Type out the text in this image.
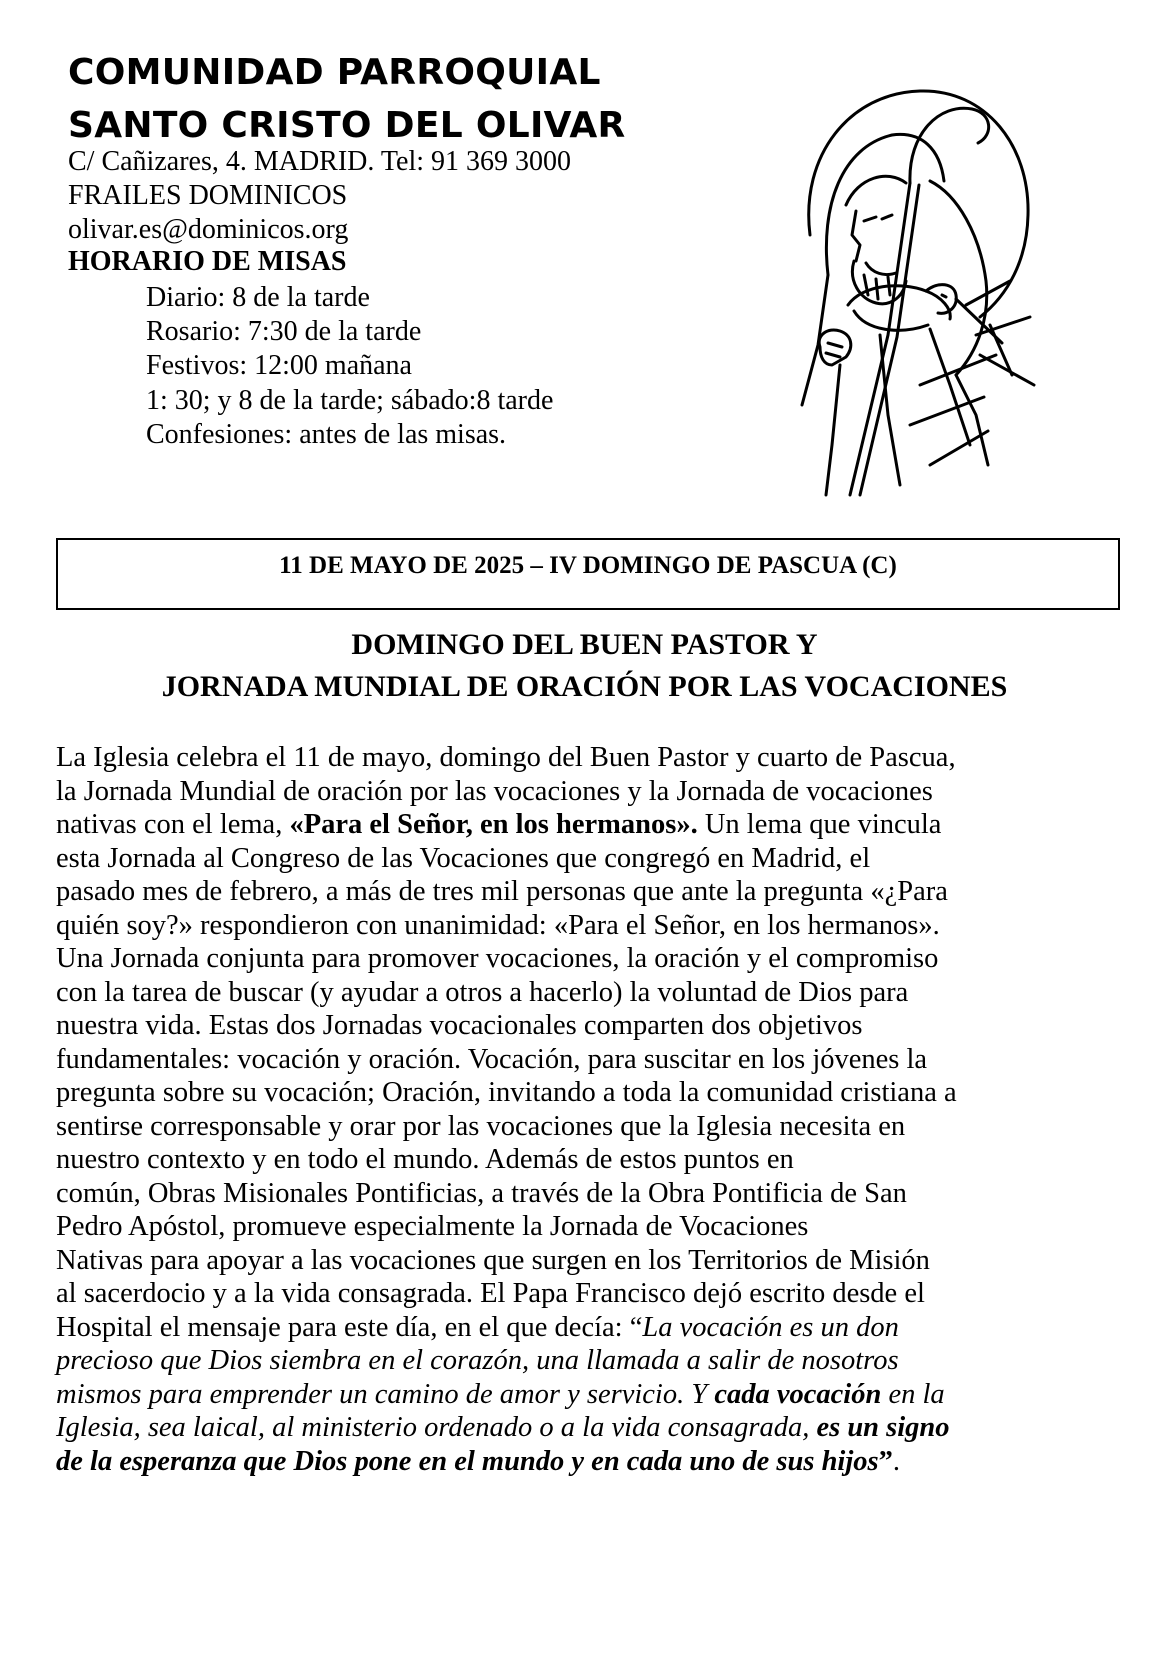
COMUNIDAD PARROQUIAL
SANTO CRISTO DEL OLIVAR
C/ Cañizares, 4. MADRID. Tel: 91 369 3000
FRAILES DOMINICOS
olivar.es@dominicos.org
HORARIO DE MISAS
Diario: 8 de la tarde
Rosario: 7:30 de la tarde
Festivos: 12:00 mañana
1: 30; y 8 de la tarde; sábado:8 tarde
Confesiones: antes de las misas.
11 DE MAYO DE 2025 – IV DOMINGO DE PASCUA (C)
DOMINGO DEL BUEN PASTOR Y
JORNADA MUNDIAL DE ORACIÓN POR LAS VOCACIONES
La Iglesia celebra el 11 de mayo, domingo del Buen Pastor y cuarto de Pascua,
la Jornada Mundial de oración por las vocaciones y la Jornada de vocaciones
nativas con el lema, «Para el Señor, en los hermanos». Un lema que vincula
esta Jornada al Congreso de las Vocaciones que congregó en Madrid, el
pasado mes de febrero, a más de tres mil personas que ante la pregunta «¿Para
quién soy?» respondieron con unanimidad: «Para el Señor, en los hermanos».
Una Jornada conjunta para promover vocaciones, la oración y el compromiso
con la tarea de buscar (y ayudar a otros a hacerlo) la voluntad de Dios para
nuestra vida. Estas dos Jornadas vocacionales comparten dos objetivos
fundamentales: vocación y oración. Vocación, para suscitar en los jóvenes la
pregunta sobre su vocación; Oración, invitando a toda la comunidad cristiana a
sentirse corresponsable y orar por las vocaciones que la Iglesia necesita en
nuestro contexto y en todo el mundo. Además de estos puntos en
común, Obras Misionales Pontificias, a través de la Obra Pontificia de San
Pedro Apóstol, promueve especialmente la Jornada de Vocaciones
Nativas para apoyar a las vocaciones que surgen en los Territorios de Misión
al sacerdocio y a la vida consagrada. El Papa Francisco dejó escrito desde el
Hospital el mensaje para este día, en el que decía: “La vocación es un don
precioso que Dios siembra en el corazón, una llamada a salir de nosotros
mismos para emprender un camino de amor y servicio. Y cada vocación en la
Iglesia, sea laical, al ministerio ordenado o a la vida consagrada, es un signo
de la esperanza que Dios pone en el mundo y en cada uno de sus hijos”.
